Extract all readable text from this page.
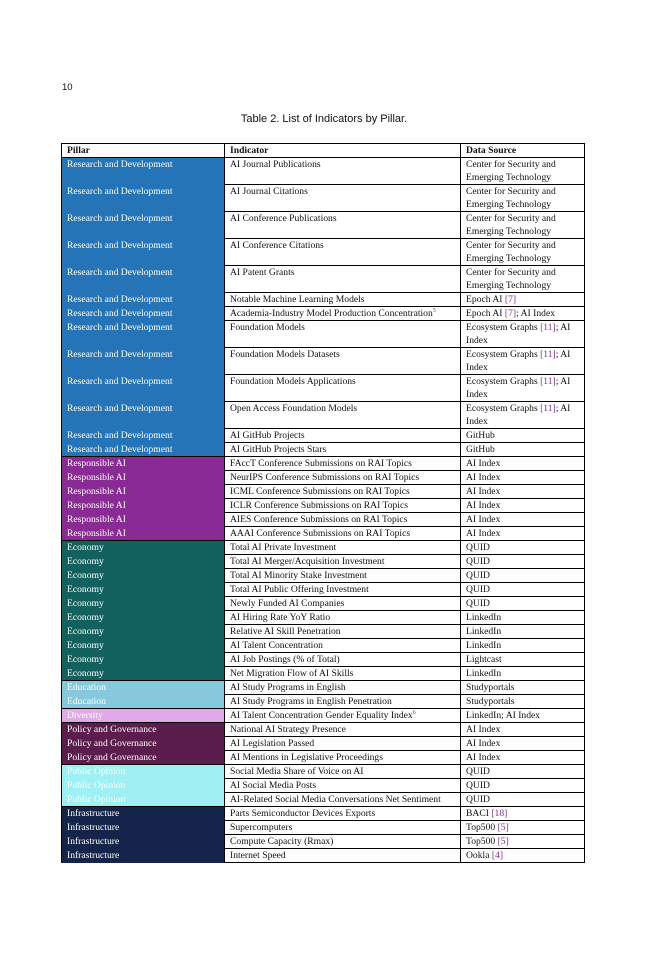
10
Table 2. List of Indicators by Pillar.
Pillar	Indicator	Data Source
Research and Development	AI Journal Publications	Center for Security and Emerging Technology
Research and Development	AI Journal Citations	Center for Security and Emerging Technology
Research and Development	AI Conference Publications	Center for Security and Emerging Technology
Research and Development	AI Conference Citations	Center for Security and Emerging Technology
Research and Development	AI Patent Grants	Center for Security and Emerging Technology
Research and Development	Notable Machine Learning Models	Epoch AI [7]
Research and Development	Academia-Industry Model Production Concentration$^5$	Epoch AI [7]; AI Index
Research and Development	Foundation Models	Ecosystem Graphs [11]; AI Index
Research and Development	Foundation Models Datasets	Ecosystem Graphs [11]; AI Index
Research and Development	Foundation Models Applications	Ecosystem Graphs [11]; AI Index
Research and Development	Open Access Foundation Models	Ecosystem Graphs [11]; AI Index
Research and Development	AI GitHub Projects	GitHub
Research and Development	AI GitHub Projects Stars	GitHub
Responsible AI	FAccT Conference Submissions on RAI Topics	AI Index
Responsible AI	NeurIPS Conference Submissions on RAI Topics	AI Index
Responsible AI	ICML Conference Submissions on RAI Topics	AI Index
Responsible AI	ICLR Conference Submissions on RAI Topics	AI Index
Responsible AI	AIES Conference Submissions on RAI Topics	AI Index
Responsible AI	AAAI Conference Submissions on RAI Topics	AI Index
Economy	Total AI Private Investment	QUID
Economy	Total AI Merger/Acquisition Investment	QUID
Economy	Total AI Minority Stake Investment	QUID
Economy	Total AI Public Offering Investment	QUID
Economy	Newly Funded AI Companies	QUID
Economy	AI Hiring Rate YoY Ratio	LinkedIn
Economy	Relative AI Skill Penetration	LinkedIn
Economy	AI Talent Concentration	LinkedIn
Economy	AI Job Postings (% of Total)	Lightcast
Economy	Net Migration Flow of AI Skills	LinkedIn
Education	AI Study Programs in English	Studyportals
Education	AI Study Programs in English Penetration	Studyportals
Diversity	AI Talent Concentration Gender Equality Index$^6$	LinkedIn; AI Index
Policy and Governance	National AI Strategy Presence	AI Index
Policy and Governance	AI Legislation Passed	AI Index
Policy and Governance	AI Mentions in Legislative Proceedings	AI Index
Public Opinion	Social Media Share of Voice on AI	QUID
Public Opinion	AI Social Media Posts	QUID
Public Opinion	AI-Related Social Media Conversations Net Sentiment	QUID
Infrastructure	Parts Semiconductor Devices Exports	BACI [18]
Infrastructure	Supercomputers	Top500 [5]
Infrastructure	Compute Capacity (Rmax)	Top500 [5]
Infrastructure	Internet Speed	Ookla [4]
